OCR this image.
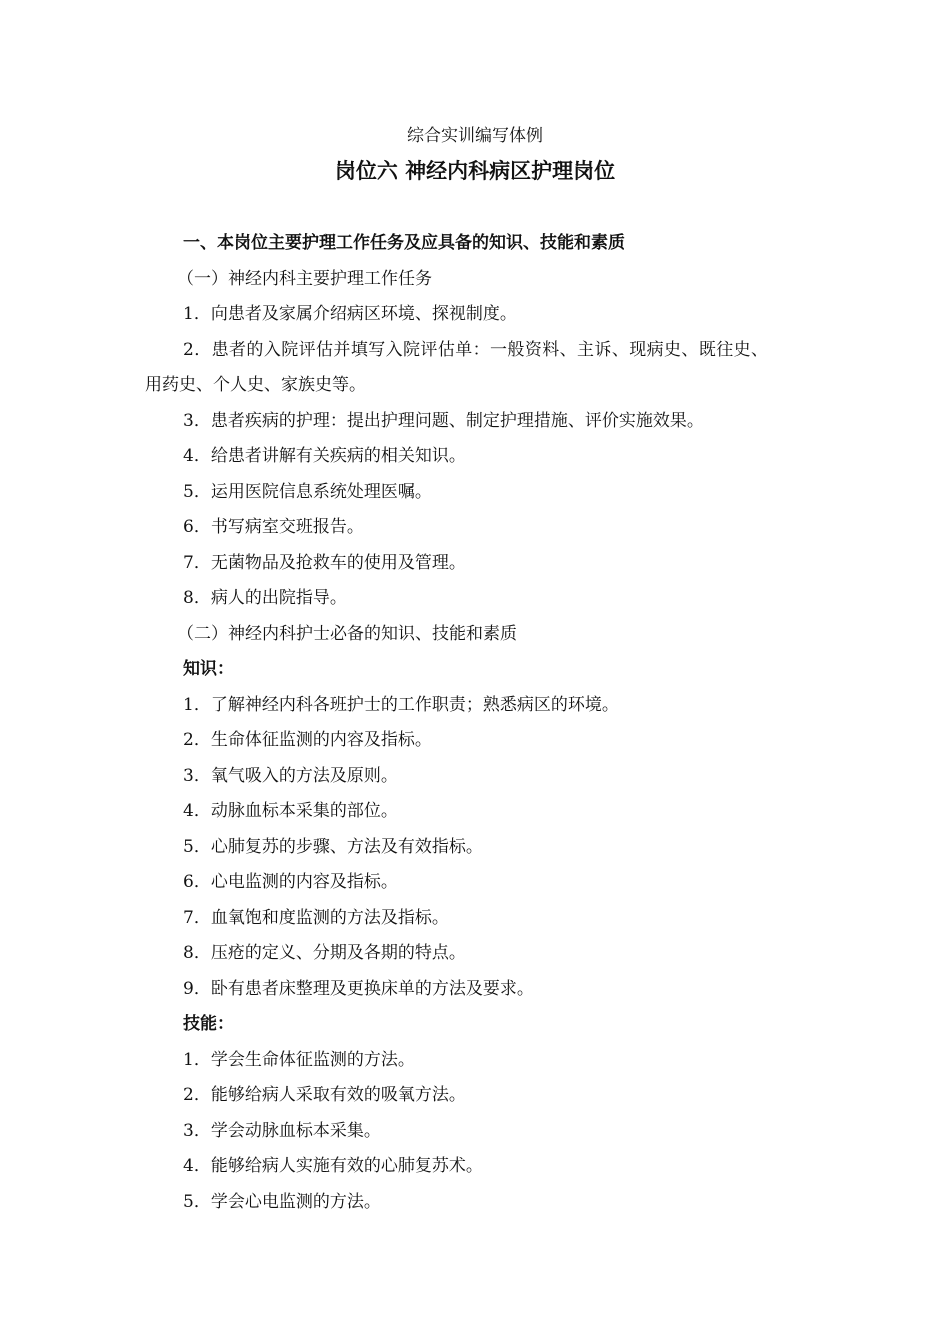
综合实训编写体例
岗位六 神经内科病区护理岗位
一、本岗位主要护理工作任务及应具备的知识、技能和素质
（一）神经内科主要护理工作任务
1．向患者及家属介绍病区环境、探视制度。
2．患者的入院评估并填写入院评估单：一般资料、主诉、现病史、既往史、
用药史、个人史、家族史等。
3．患者疾病的护理：提出护理问题、制定护理措施、评价实施效果。
4．给患者讲解有关疾病的相关知识。
5．运用医院信息系统处理医嘱。
6．书写病室交班报告。
7．无菌物品及抢救车的使用及管理。
8．病人的出院指导。
（二）神经内科护士必备的知识、技能和素质
知识：
1．了解神经内科各班护士的工作职责；熟悉病区的环境。
2．生命体征监测的内容及指标。
3．氧气吸入的方法及原则。
4．动脉血标本采集的部位。
5．心肺复苏的步骤、方法及有效指标。
6．心电监测的内容及指标。
7．血氧饱和度监测的方法及指标。
8．压疮的定义、分期及各期的特点。
9．卧有患者床整理及更换床单的方法及要求。
技能：
1．学会生命体征监测的方法。
2．能够给病人采取有效的吸氧方法。
3．学会动脉血标本采集。
4．能够给病人实施有效的心肺复苏术。
5．学会心电监测的方法。
